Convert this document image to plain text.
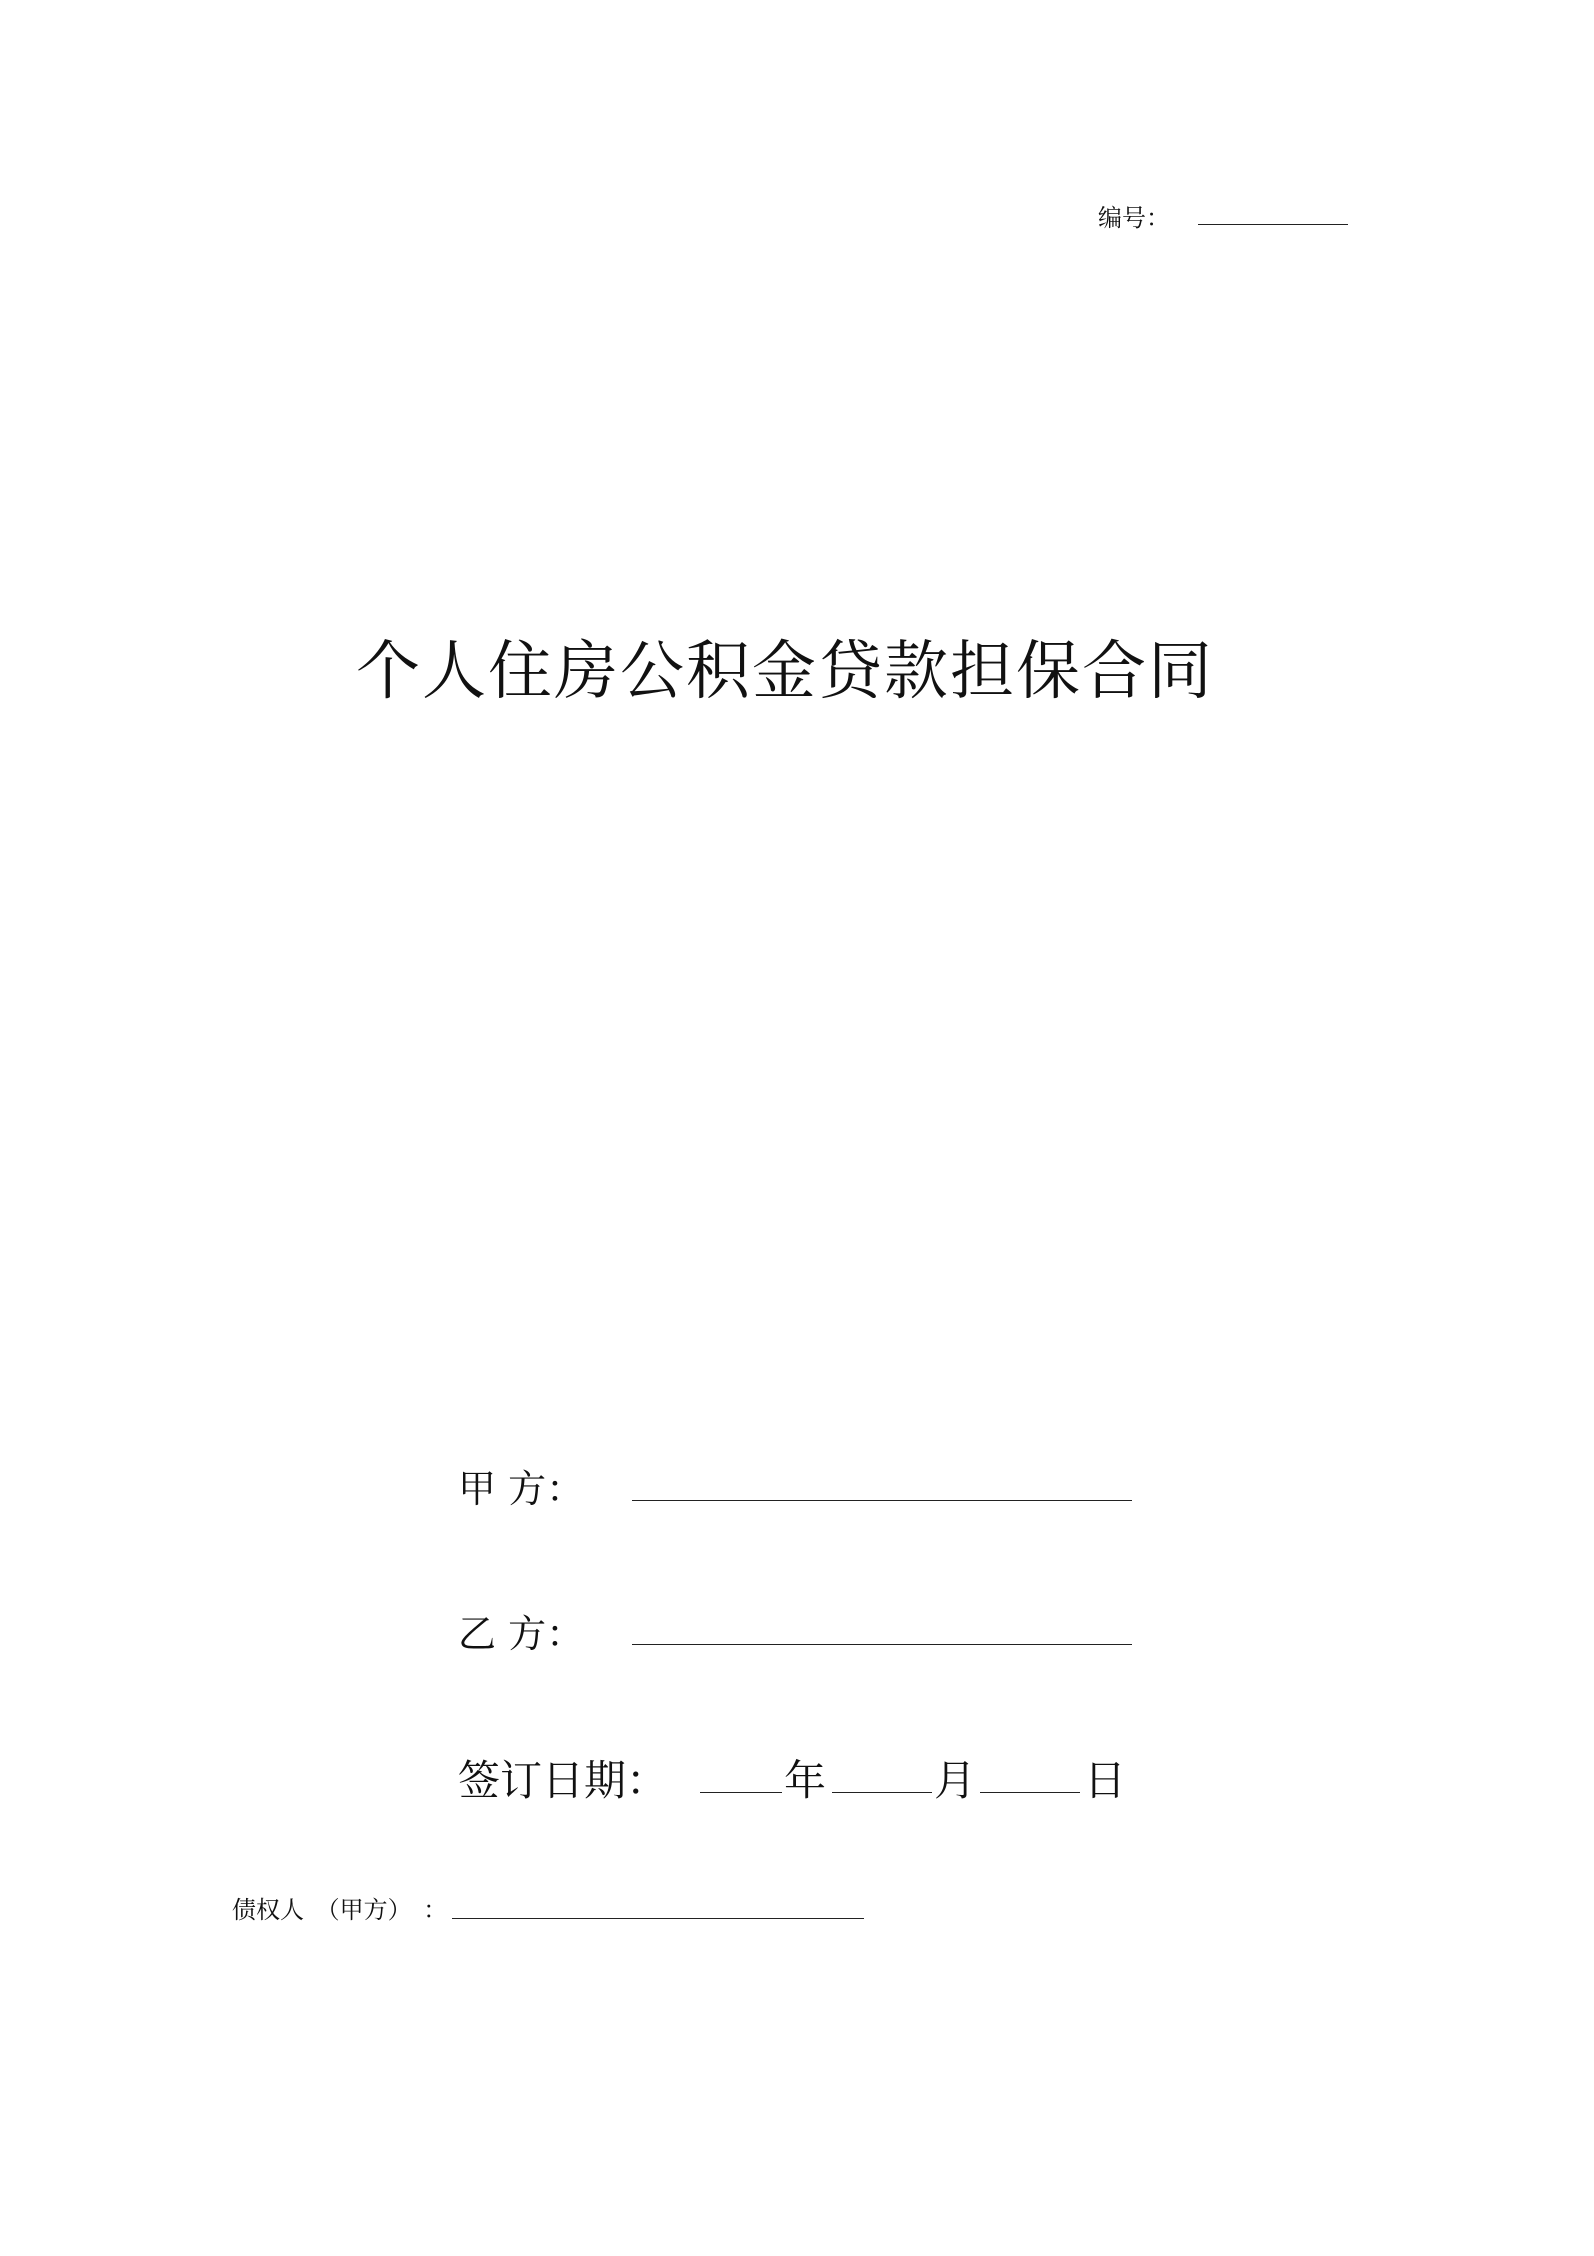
编号：
个人住房公积金贷款担保合同
甲 方：
乙 方：
签订日期：	年	月	日
债权人 （甲方） ：
